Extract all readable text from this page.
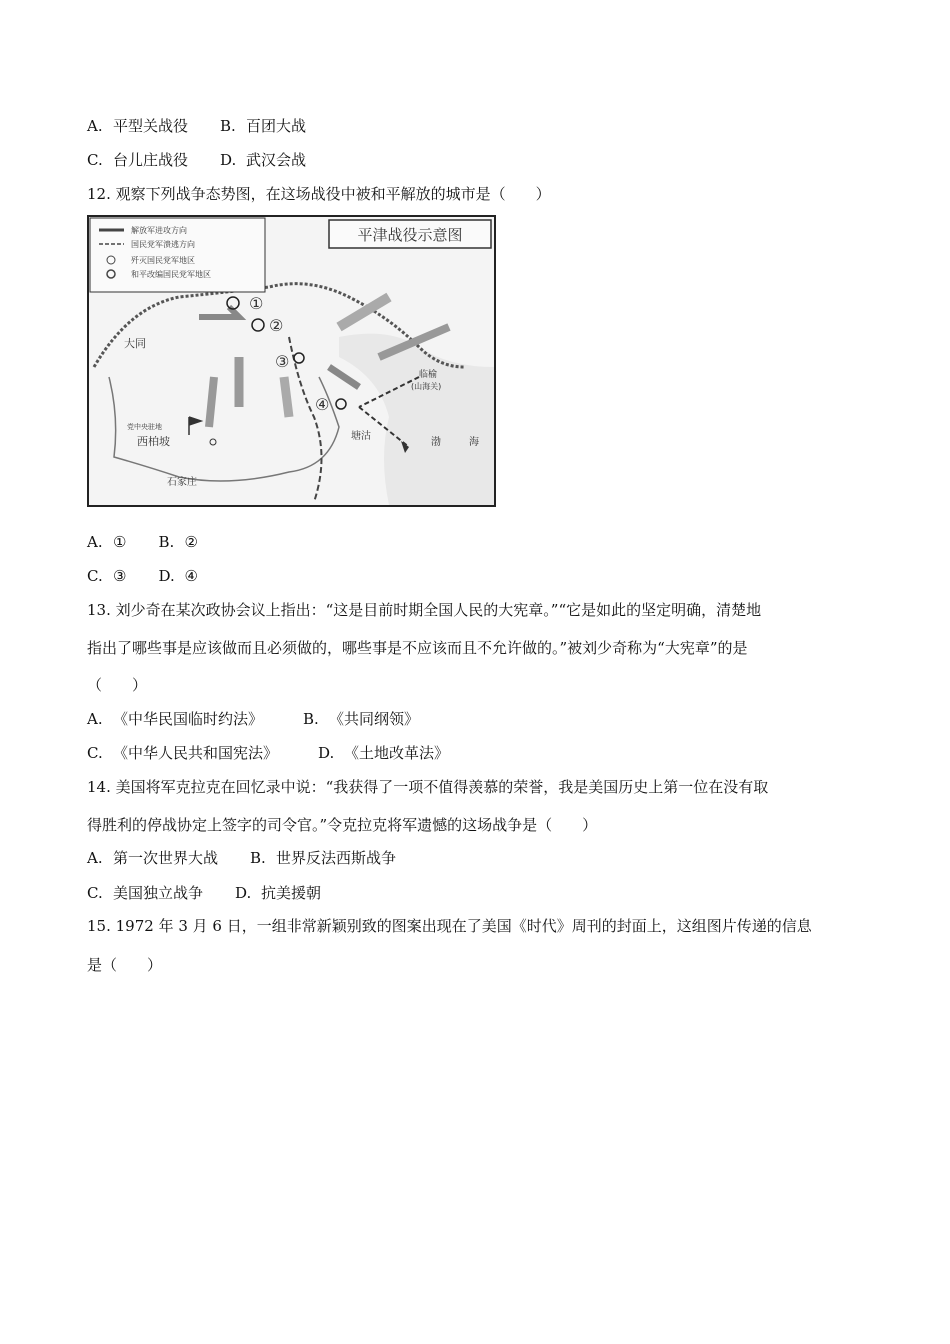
A. 平型关战役 B. 百团大战
C. 台儿庄战役 D. 武汉会战
12. 观察下列战争态势图，在这场战役中被和平解放的城市是（　　）
解放军进攻方向
国民党军溃逃方向
歼灭国民党军地区
和平改编国民党军地区
平津战役示意图
大同
临榆
(山海关)
塘沽
西柏坡
石家庄
渤	海
党中央驻地
①
②
③
④
A. ① B. ②
C. ③ D. ④
13. 刘少奇在某次政协会议上指出：“这是目前时期全国人民的大宪章。”“它是如此的坚定明确，清楚地
指出了哪些事是应该做而且必须做的，哪些事是不应该而且不允许做的。”被刘少奇称为“大宪章”的是
（　　）
A. 《中华民国临时约法》	B. 《共同纲领》
C. 《中华人民共和国宪法》	D. 《土地改革法》
14. 美国将军克拉克在回忆录中说：“我获得了一项不值得羡慕的荣誉，我是美国历史上第一位在没有取
得胜利的停战协定上签字的司令官。”令克拉克将军遗憾的这场战争是（　　）
A. 第一次世界大战 B. 世界反法西斯战争
C. 美国独立战争 D. 抗美援朝
15. 1972 年 3 月 6 日，一组非常新颖别致的图案出现在了美国《时代》周刊的封面上，这组图片传递的信息
是（　　）
